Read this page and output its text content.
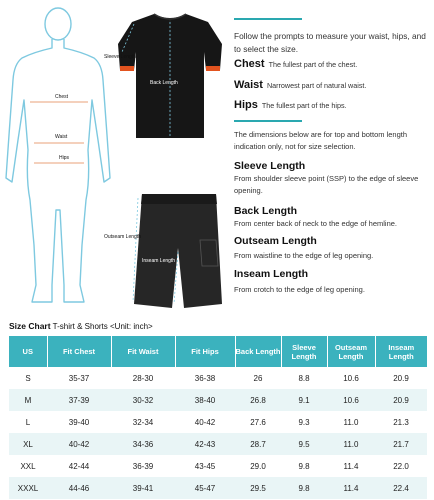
Chest
Waist
Hips
Sleeve Length
Back Length
Outseam Length
Inseam Length
Follow the prompts to measure your waist, hips, and to select the size.
Chest The fullest part of the chest.
Waist Narrowest part of natural waist.
Hips The fullest part of the hips.
The dimensions below are for top and bottom length indication only, not for size selection.
Sleeve Length
From shoulder sleeve point (SSP) to the edge of sleeve opening.
Back Length
From center back of neck to the edge of hemline.
Outseam Length
From waistline to the edge of leg opening.
Inseam Length
From crotch to the edge of leg opening.
Size Chart T-shirt & Shorts <Unit: inch>
US	Fit Chest	Fit Waist	Fit Hips	Back Length	Sleeve Length	Outseam Length	Inseam Length
S	35-37	28-30	36-38	26	8.8	10.6	20.9
M	37-39	30-32	38-40	26.8	9.1	10.6	20.9
L	39-40	32-34	40-42	27.6	9.3	11.0	21.3
XL	40-42	34-36	42-43	28.7	9.5	11.0	21.7
XXL	42-44	36-39	43-45	29.0	9.8	11.4	22.0
XXXL	44-46	39-41	45-47	29.5	9.8	11.4	22.4
